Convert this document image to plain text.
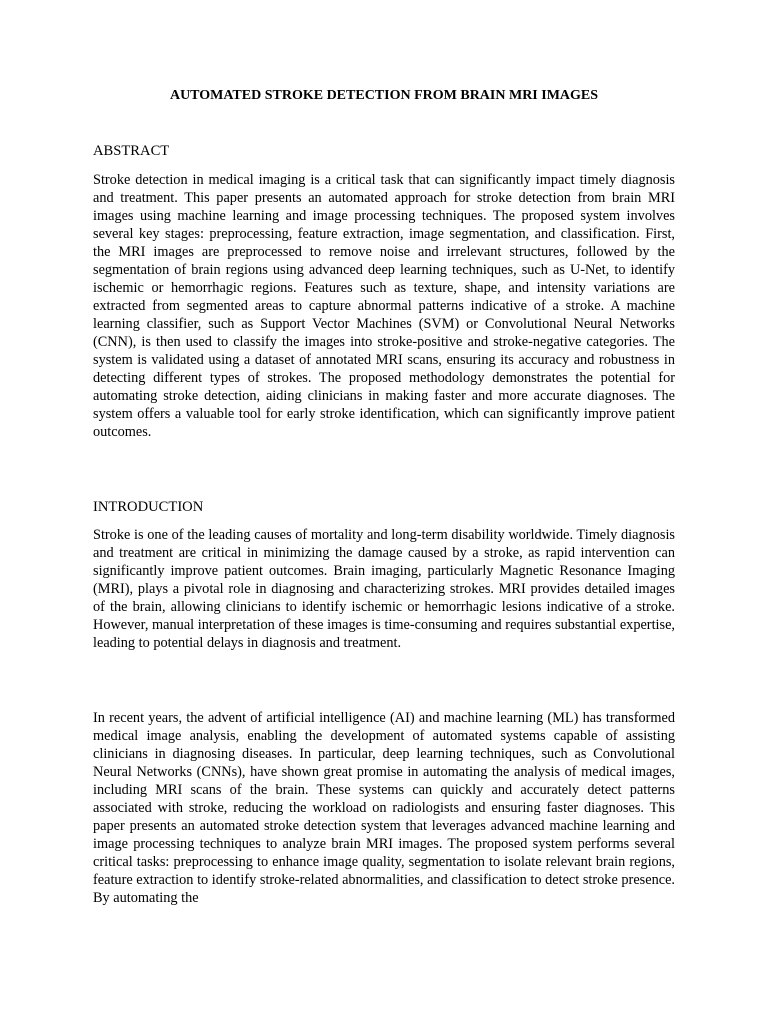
AUTOMATED STROKE DETECTION FROM BRAIN MRI IMAGES
ABSTRACT

Stroke detection in medical imaging is a critical task that can significantly impact timely diagnosis and treatment. This paper presents an automated approach for stroke detection from brain MRI images using machine learning and image processing techniques. The proposed system involves several key stages: preprocessing, feature extraction, image segmentation, and classification. First, the MRI images are preprocessed to remove noise and irrelevant structures, followed by the segmentation of brain regions using advanced deep learning techniques, such as U-Net, to identify ischemic or hemorrhagic regions. Features such as texture, shape, and intensity variations are extracted from segmented areas to capture abnormal patterns indicative of a stroke. A machine learning classifier, such as Support Vector Machines (SVM) or Convolutional Neural Networks (CNN), is then used to classify the images into stroke-positive and stroke-negative categories. The system is validated using a dataset of annotated MRI scans, ensuring its accuracy and robustness in detecting different types of strokes. The proposed methodology demonstrates the potential for automating stroke detection, aiding clinicians in making faster and more accurate diagnoses. The system offers a valuable tool for early stroke identification, which can significantly improve patient outcomes.

INTRODUCTION

Stroke is one of the leading causes of mortality and long-term disability worldwide. Timely diagnosis and treatment are critical in minimizing the damage caused by a stroke, as rapid intervention can significantly improve patient outcomes. Brain imaging, particularly Magnetic Resonance Imaging (MRI), plays a pivotal role in diagnosing and characterizing strokes. MRI provides detailed images of the brain, allowing clinicians to identify ischemic or hemorrhagic lesions indicative of a stroke. However, manual interpretation of these images is time-consuming and requires substantial expertise, leading to potential delays in diagnosis and treatment.

In recent years, the advent of artificial intelligence (AI) and machine learning (ML) has transformed medical image analysis, enabling the development of automated systems capable of assisting clinicians in diagnosing diseases. In particular, deep learning techniques, such as Convolutional Neural Networks (CNNs), have shown great promise in automating the analysis of medical images, including MRI scans of the brain. These systems can quickly and accurately detect patterns associated with stroke, reducing the workload on radiologists and ensuring faster diagnoses. This paper presents an automated stroke detection system that leverages advanced machine learning and image processing techniques to analyze brain MRI images. The proposed system performs several critical tasks: preprocessing to enhance image quality, segmentation to isolate relevant brain regions, feature extraction to identify stroke-related abnormalities, and classification to detect stroke presence. By automating the
